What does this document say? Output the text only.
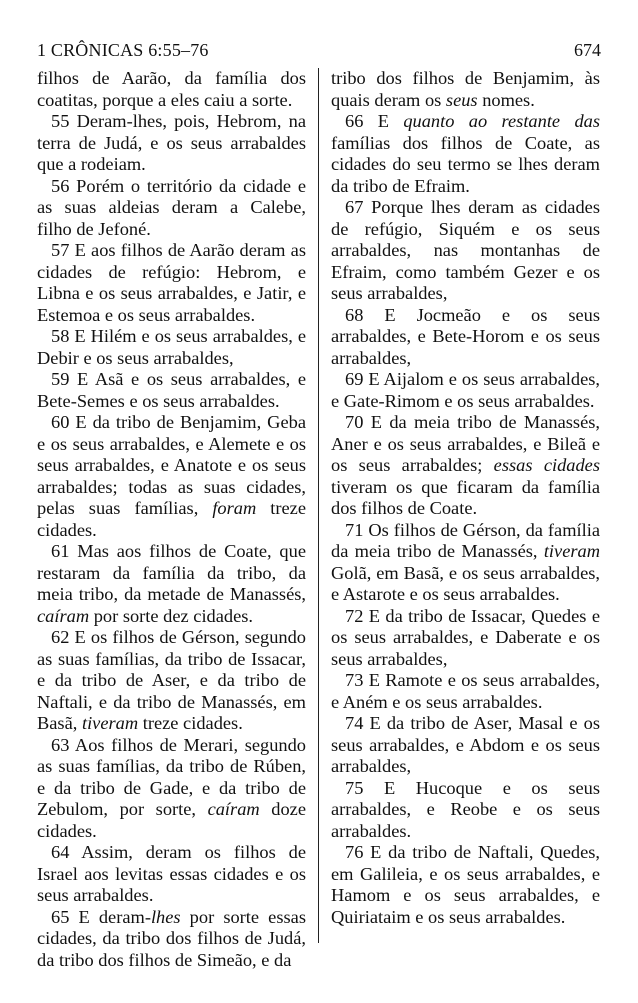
1 CRÔNICAS 6:55–76	674

filhos de Aarão, da família dos coatitas, porque a eles caiu a sorte.

55 Deram-lhes, pois, Hebrom, na terra de Judá, e os seus arrabaldes que a rodeiam.

56 Porém o território da cidade e as suas aldeias deram a Calebe, filho de Jefoné.

57 E aos filhos de Aarão deram as cidades de refúgio: Hebrom, e Libna e os seus arrabaldes, e Jatir, e Estemoa e os seus arrabaldes.

58 E Hilém e os seus arrabaldes, e Debir e os seus arrabaldes,

59 E Asã e os seus arrabaldes, e Bete-Semes e os seus arrabaldes.

60 E da tribo de Benjamim, Geba e os seus arrabaldes, e Alemete e os seus arrabaldes, e Anatote e os seus arrabaldes; todas as suas cidades, pelas suas famílias, foram treze cidades.

61 Mas aos filhos de Coate, que restaram da família da tribo, da meia tribo, da metade de Manassés, caíram por sorte dez cidades.

62 E os filhos de Gérson, segundo as suas famílias, da tribo de Issacar, e da tribo de Aser, e da tribo de Naftali, e da tribo de Manassés, em Basã, tiveram treze cidades.

63 Aos filhos de Merari, segundo as suas famílias, da tribo de Rúben, e da tribo de Gade, e da tribo de Zebulom, por sorte, caíram doze cidades.

64 Assim, deram os filhos de Israel aos levitas essas cidades e os seus arrabaldes.

65 E deram-lhes por sorte essas cidades, da tribo dos filhos de Judá, da tribo dos filhos de Simeão, e da

tribo dos filhos de Benjamim, às quais deram os seus nomes.

66 E quanto ao restante das famílias dos filhos de Coate, as cidades do seu termo se lhes deram da tribo de Efraim.

67 Porque lhes deram as cidades de refúgio, Siquém e os seus arrabaldes, nas montanhas de Efraim, como também Gezer e os seus arrabaldes,

68 E Jocmeão e os seus arrabaldes, e Bete-Horom e os seus arrabaldes,

69 E Aijalom e os seus arrabaldes, e Gate-Rimom e os seus arrabaldes.

70 E da meia tribo de Manassés, Aner e os seus arrabaldes, e Bileã e os seus arrabaldes; essas cidades tiveram os que ficaram da família dos filhos de Coate.

71 Os filhos de Gérson, da família da meia tribo de Manassés, tiveram Golã, em Basã, e os seus arrabaldes, e Astarote e os seus arrabaldes.

72 E da tribo de Issacar, Quedes e os seus arrabaldes, e Daberate e os seus arrabaldes,

73 E Ramote e os seus arrabaldes, e Aném e os seus arrabaldes.

74 E da tribo de Aser, Masal e os seus arrabaldes, e Abdom e os seus arrabaldes,

75 E Hucoque e os seus arrabaldes, e Reobe e os seus arrabaldes.

76 E da tribo de Naftali, Quedes, em Galileia, e os seus arrabaldes, e Hamom e os seus arrabaldes, e Quiriataim e os seus arrabaldes.
